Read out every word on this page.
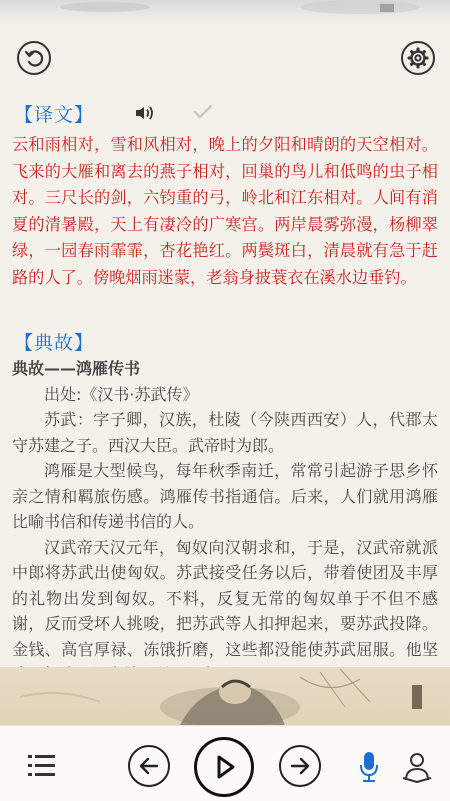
【译文】

云和雨相对，雪和风相对，晚上的夕阳和晴朗的天空相对。飞来的大雁和离去的燕子相对，回巢的鸟儿和低鸣的虫子相对。三尺长的剑，六钧重的弓，岭北和江东相对。人间有消夏的清暑殿，天上有凄冷的广寒宫。两岸晨雾弥漫，杨柳翠绿，一园春雨霏霏，杏花艳红。两鬓斑白，清晨就有急于赶路的人了。傍晚烟雨迷蒙，老翁身披蓑衣在溪水边垂钓。

【典故】

典故——鸿雁传书

出处:《汉书·苏武传》

苏武：字子卿，汉族，杜陵（今陕西西安）人，代郡太守苏建之子。西汉大臣。武帝时为郎。

鸿雁是大型候鸟，每年秋季南迁，常常引起游子思乡怀亲之情和羁旅伤感。鸿雁传书指通信。后来，人们就用鸿雁比喻书信和传递书信的人。

汉武帝天汉元年，匈奴向汉朝求和，于是，汉武帝就派中郎将苏武出使匈奴。苏武接受任务以后，带着使团及丰厚的礼物出发到匈奴。不料，反复无常的匈奴单于不但不感谢，反而受坏人挑唆，把苏武等人扣押起来，要苏武投降。金钱、高官厚禄、冻饿折磨，这些都没能使苏武屈服。他坚
